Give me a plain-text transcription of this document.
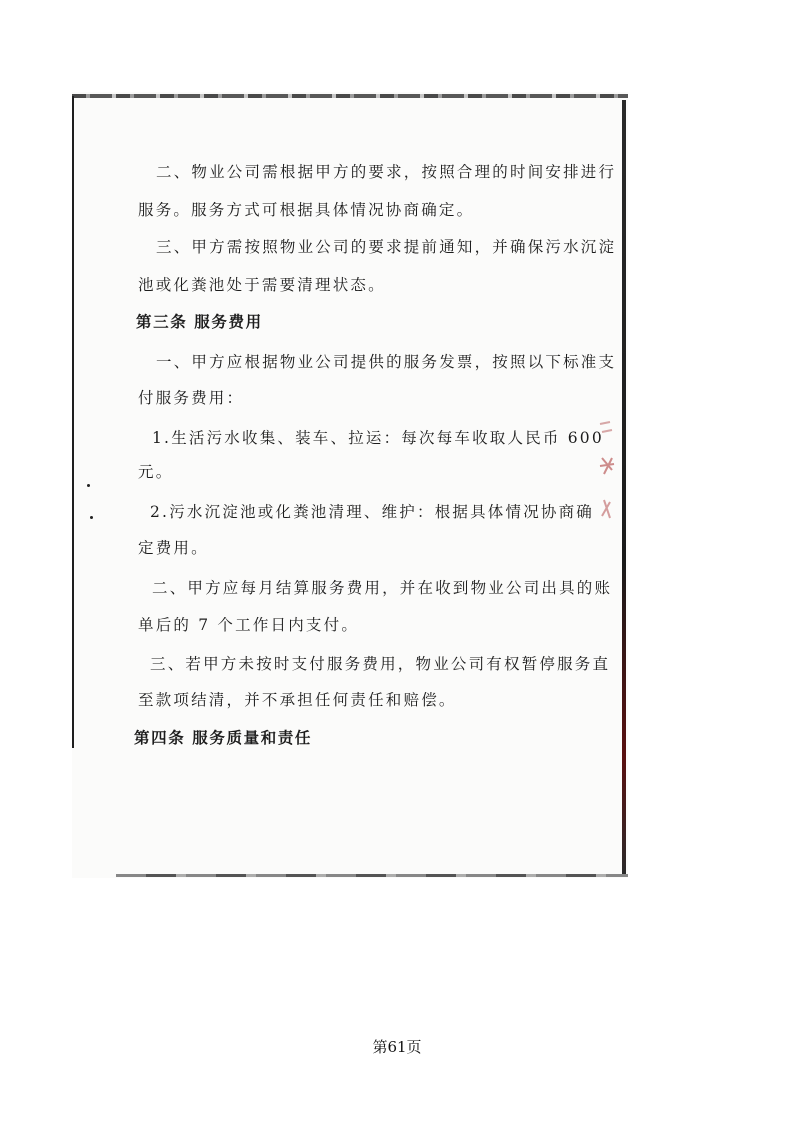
二、物业公司需根据甲方的要求，按照合理的时间安排进行
服务。服务方式可根据具体情况协商确定。
三、甲方需按照物业公司的要求提前通知，并确保污水沉淀
池或化粪池处于需要清理状态。
第三条 服务费用
一、甲方应根据物业公司提供的服务发票，按照以下标准支
付服务费用：
1.生活污水收集、装车、拉运：每次每车收取人民币 600
元。
2.污水沉淀池或化粪池清理、维护：根据具体情况协商确
定费用。
二、甲方应每月结算服务费用，并在收到物业公司出具的账
单后的 7 个工作日内支付。
三、若甲方未按时支付服务费用，物业公司有权暂停服务直
至款项结清，并不承担任何责任和赔偿。
第四条 服务质量和责任
第61页
